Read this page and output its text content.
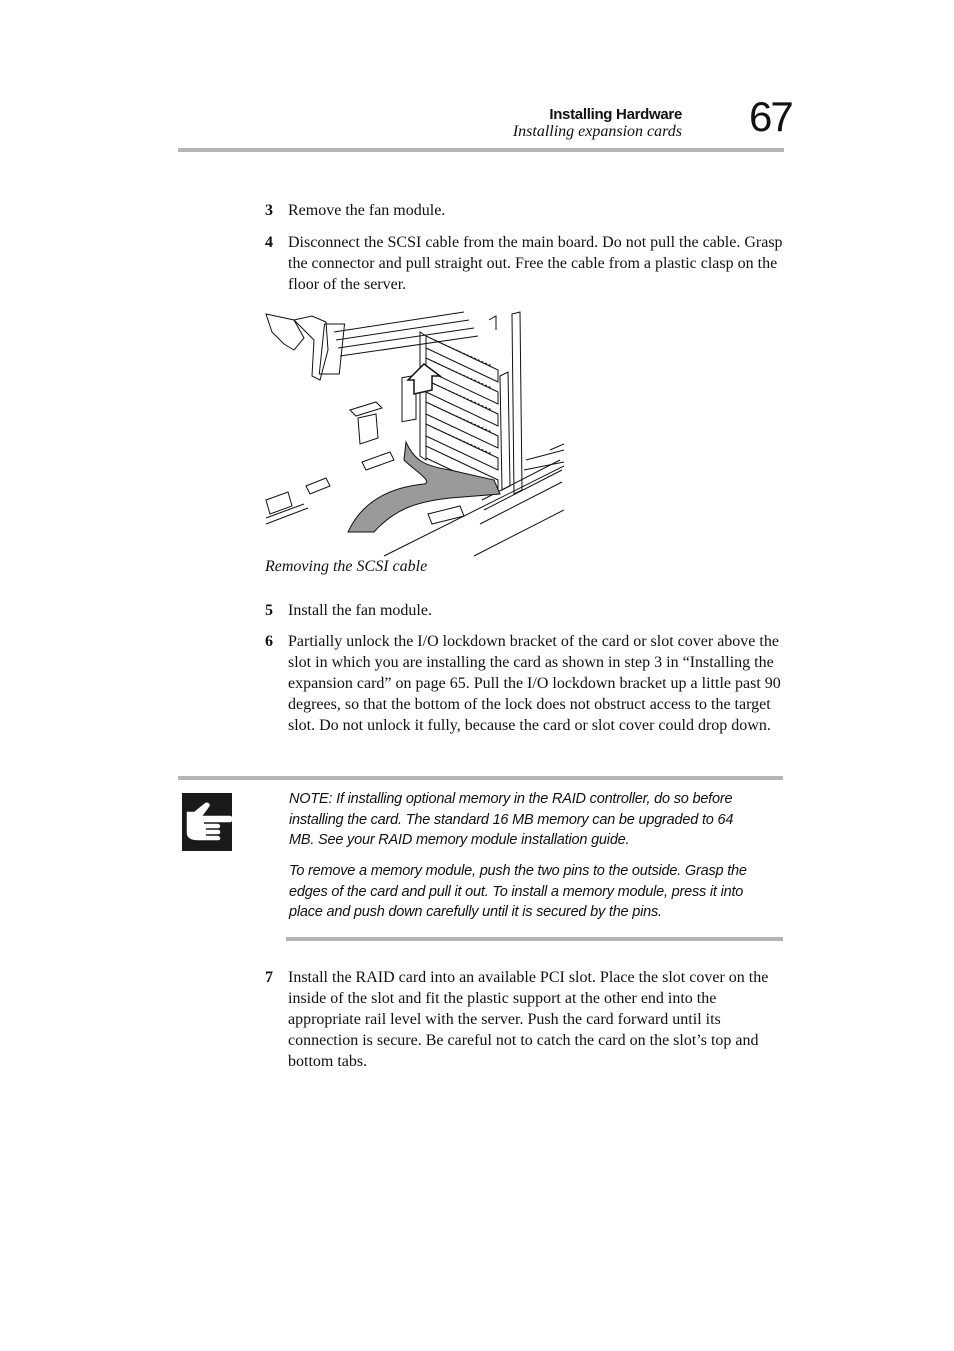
Installing Hardware
Installing expansion cards 67
3 Remove the fan module.
4 Disconnect the SCSI cable from the main board. Do not pull the cable. Grasp the connector and pull straight out. Free the cable from a plastic clasp on the floor of the server.
Removing the SCSI cable
5 Install the fan module.
6 Partially unlock the I/O lockdown bracket of the card or slot cover above the slot in which you are installing the card as shown in step 3 in “Installing the expansion card” on page 65. Pull the I/O lockdown bracket up a little past 90 degrees, so that the bottom of the lock does not obstruct access to the target slot. Do not unlock it fully, because the card or slot cover could drop down.
NOTE: If installing optional memory in the RAID controller, do so before installing the card. The standard 16 MB memory can be upgraded to 64 MB. See your RAID memory module installation guide.
To remove a memory module, push the two pins to the outside. Grasp the edges of the card and pull it out. To install a memory module, press it into place and push down carefully until it is secured by the pins.
7 Install the RAID card into an available PCI slot. Place the slot cover on the inside of the slot and fit the plastic support at the other end into the appropriate rail level with the server. Push the card forward until its connection is secure. Be careful not to catch the card on the slot’s top and bottom tabs.
